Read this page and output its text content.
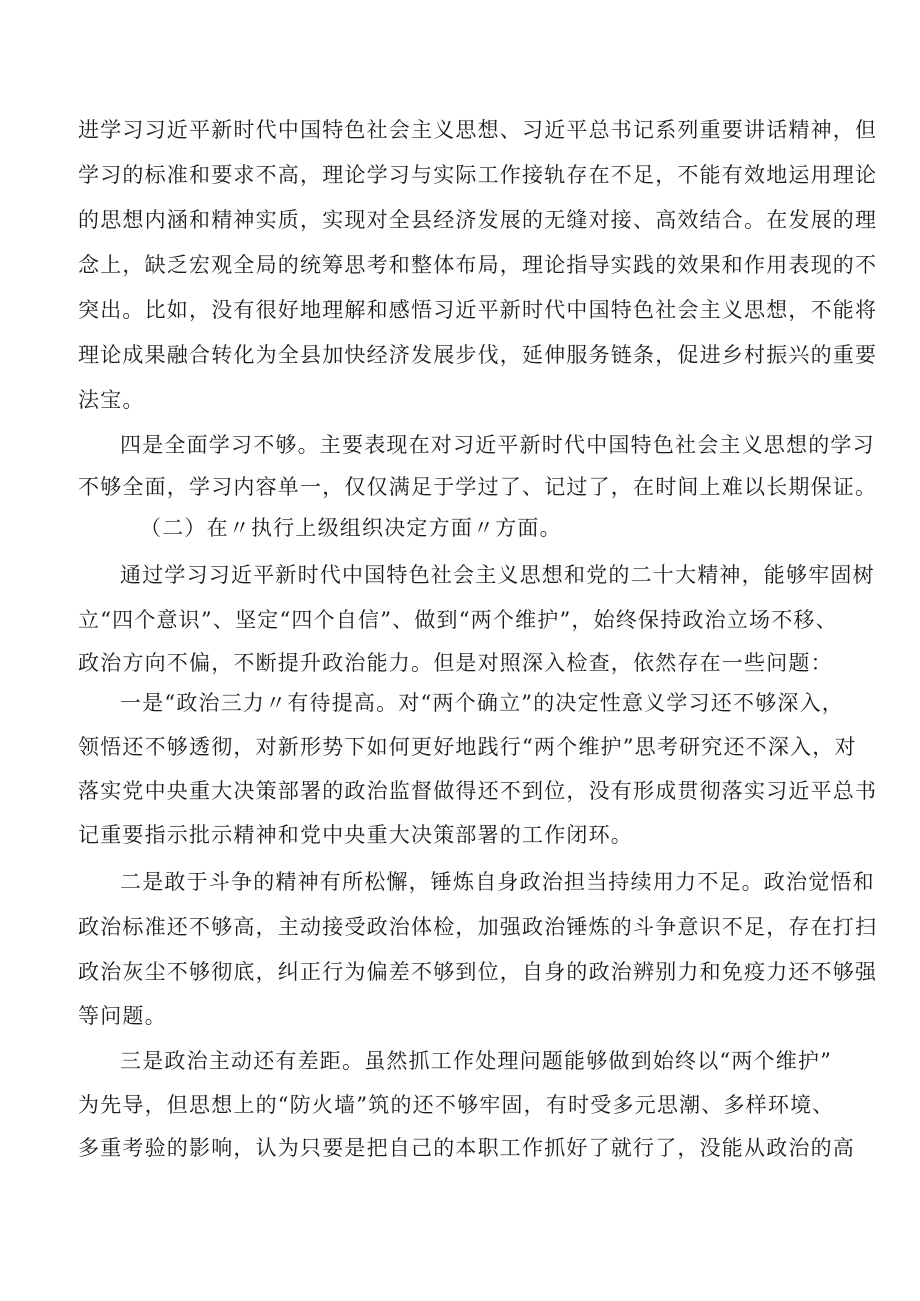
进学习习近平新时代中国特色社会主义思想、习近平总书记系列重要讲话精神，但
学习的标准和要求不高，理论学习与实际工作接轨存在不足，不能有效地运用理论
的思想内涵和精神实质，实现对全县经济发展的无缝对接、高效结合。在发展的理
念上，缺乏宏观全局的统筹思考和整体布局，理论指导实践的效果和作用表现的不
突出。比如，没有很好地理解和感悟习近平新时代中国特色社会主义思想，不能将
理论成果融合转化为全县加快经济发展步伐，延伸服务链条，促进乡村振兴的重要
法宝。
四是全面学习不够。主要表现在对习近平新时代中国特色社会主义思想的学习
不够全面，学习内容单一，仅仅满足于学过了、记过了，在时间上难以长期保证。
（二）在〃执行上级组织决定方面〃方面。
通过学习习近平新时代中国特色社会主义思想和党的二十大精神，能够牢固树
立“四个意识”、坚定“四个自信”、做到“两个维护”，始终保持政治立场不移、
政治方向不偏，不断提升政治能力。但是对照深入检查，依然存在一些问题：
一是“政治三力〃有待提高。对“两个确立”的决定性意义学习还不够深入，
领悟还不够透彻，对新形势下如何更好地践行“两个维护”思考研究还不深入，对
落实党中央重大决策部署的政治监督做得还不到位，没有形成贯彻落实习近平总书
记重要指示批示精神和党中央重大决策部署的工作闭环。
二是敢于斗争的精神有所松懈，锤炼自身政治担当持续用力不足。政治觉悟和
政治标准还不够高，主动接受政治体检，加强政治锤炼的斗争意识不足，存在打扫
政治灰尘不够彻底，纠正行为偏差不够到位，自身的政治辨别力和免疫力还不够强
等问题。
三是政治主动还有差距。虽然抓工作处理问题能够做到始终以“两个维护”
为先导，但思想上的“防火墙”筑的还不够牢固，有时受多元思潮、多样环境、
多重考验的影响，认为只要是把自己的本职工作抓好了就行了，没能从政治的高
